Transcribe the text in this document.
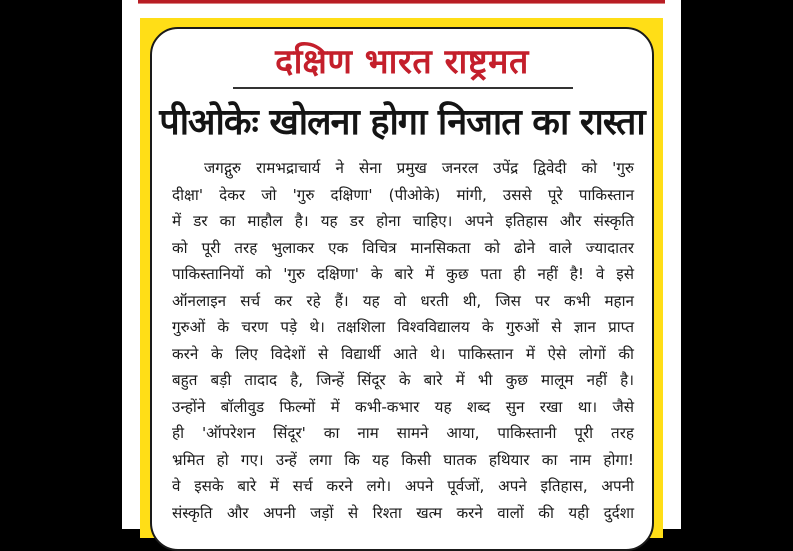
दक्षिण भारत राष्ट्रमत
पीओकेः खोलना होगा निजात का रास्ता
जगद्गुरु रामभद्राचार्य ने सेना प्रमुख जनरल उपेंद्र द्विवेदी को 'गुरु
दीक्षा' देकर जो 'गुरु दक्षिणा' (पीओके) मांगी, उससे पूरे पाकिस्तान
में डर का माहौल है। यह डर होना चाहिए। अपने इतिहास और संस्कृति
को पूरी तरह भुलाकर एक विचित्र मानसिकता को ढोने वाले ज्यादातर
पाकिस्तानियों को 'गुरु दक्षिणा' के बारे में कुछ पता ही नहीं है! वे इसे
ऑनलाइन सर्च कर रहे हैं। यह वो धरती थी, जिस पर कभी महान
गुरुओं के चरण पड़े थे। तक्षशिला विश्वविद्यालय के गुरुओं से ज्ञान प्राप्त
करने के लिए विदेशों से विद्यार्थी आते थे। पाकिस्तान में ऐसे लोगों की
बहुत बड़ी तादाद है, जिन्हें सिंदूर के बारे में भी कुछ मालूम नहीं है।
उन्होंने बॉलीवुड फिल्मों में कभी-कभार यह शब्द सुन रखा था। जैसे
ही 'ऑपरेशन सिंदूर' का नाम सामने आया, पाकिस्तानी पूरी तरह
भ्रमित हो गए। उन्हें लगा कि यह किसी घातक हथियार का नाम होगा!
वे इसके बारे में सर्च करने लगे। अपने पूर्वजों, अपने इतिहास, अपनी
संस्कृति और अपनी जड़ों से रिश्ता खत्म करने वालों की यही दुर्दशा
